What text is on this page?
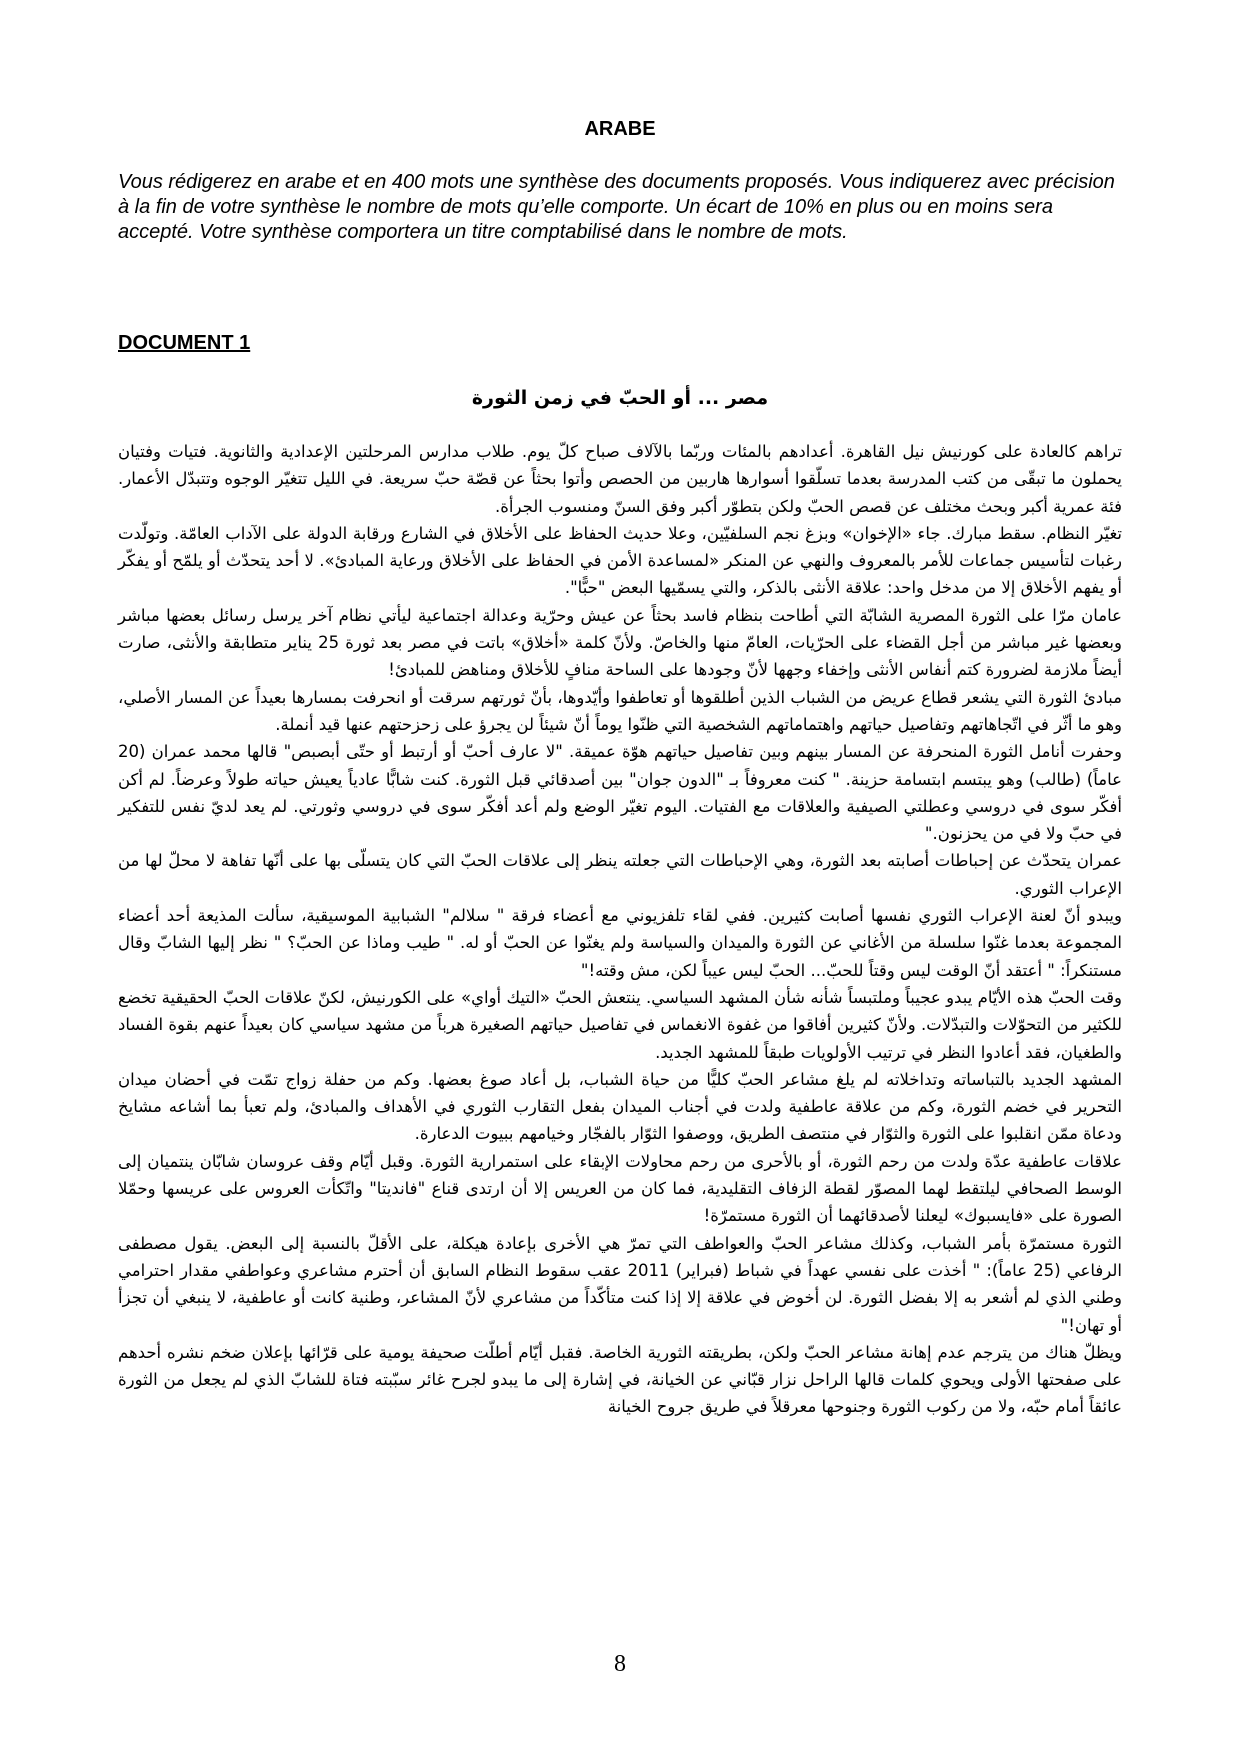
ARABE

Vous rédigerez en arabe et en 400 mots une synthèse des documents proposés. Vous indiquerez avec précision à la fin de votre synthèse le nombre de mots qu’elle comporte. Un écart de 10% en plus ou en moins sera accepté. Votre synthèse comportera un titre comptabilisé dans le nombre de mots.

DOCUMENT 1
مصر ... أو الحبّ في زمن الثورة

تراهم كالعادة على كورنيش نيل القاهرة. أعدادهم بالمئات وربّما بالآلاف صباح كلّ يوم. طلاب مدارس المرحلتين الإعدادية والثانوية. فتيات وفتيان يحملون ما تبقّى من كتب المدرسة بعدما تسلّقوا أسوارها هاربين من الحصص وأتوا بحثاً عن قصّة حبّ سريعة. في الليل تتغيّر الوجوه وتتبدّل الأعمار. فئة عمرية أكبر وبحث مختلف عن قصص الحبّ ولكن بتطوّر أكبر وفق السنّ ومنسوب الجرأة.

تغيّر النظام. سقط مبارك. جاء «الإخوان» وبزغ نجم السلفيّين، وعلا حديث الحفاظ على الأخلاق في الشارع ورقابة الدولة على الآداب العامّة. وتولّدت رغبات لتأسيس جماعات للأمر بالمعروف والنهي عن المنكر «لمساعدة الأمن في الحفاظ على الأخلاق ورعاية المبادئ». لا أحد يتحدّث أو يلمّح أو يفكّر أو يفهم الأخلاق إلا من مدخل واحد: علاقة الأنثى بالذكر، والتي يسمّيها البعض "حبًّا".

عامان مرّا على الثورة المصرية الشابّة التي أطاحت بنظام فاسد بحثاً عن عيش وحرّية وعدالة اجتماعية ليأتي نظام آخر يرسل رسائل بعضها مباشر وبعضها غير مباشر من أجل القضاء على الحرّيات، العامّ منها والخاصّ. ولأنّ كلمة «أخلاق» باتت في مصر بعد ثورة 25 يناير متطابقة والأنثى، صارت أيضاً ملازمة لضرورة كتم أنفاس الأنثى وإخفاء وجهها لأنّ وجودها على الساحة منافٍ للأخلاق ومناهض للمبادئ!

مبادئ الثورة التي يشعر قطاع عريض من الشباب الذين أطلقوها أو تعاطفوا وأيّدوها، بأنّ ثورتهم سرقت أو انحرفت بمسارها بعيداً عن المسار الأصلي، وهو ما أثّر في اتّجاهاتهم وتفاصيل حياتهم واهتماماتهم الشخصية التي ظنّوا يوماً أنّ شيئاً لن يجرؤ على زحزحتهم عنها قيد أنملة.

وحفرت أنامل الثورة المنحرفة عن المسار بينهم وبين تفاصيل حياتهم هوّة عميقة. "لا عارف أحبّ أو أرتبط أو حتّى أبصبص" قالها محمد عمران (20 عاماً) (طالب) وهو يبتسم ابتسامة حزينة. " كنت معروفاً بـ "الدون جوان" بين أصدقائي قبل الثورة. كنت شابًّا عادياً يعيش حياته طولاً وعرضاً. لم أكن أفكّر سوى في دروسي وعطلتي الصيفية والعلاقات مع الفتيات. اليوم تغيّر الوضع ولم أعد أفكّر سوى في دروسي وثورتي. لم يعد لديّ نفس للتفكير في حبّ ولا في من يحزنون."

عمران يتحدّث عن إحباطات أصابته بعد الثورة، وهي الإحباطات التي جعلته ينظر إلى علاقات الحبّ التي كان يتسلّى بها على أنّها تفاهة لا محلّ لها من الإعراب الثوري.

ويبدو أنّ لعنة الإعراب الثوري نفسها أصابت كثيرين. ففي لقاء تلفزيوني مع أعضاء فرقة " سلالم" الشبابية الموسيقية، سألت المذيعة أحد أعضاء المجموعة بعدما غنّوا سلسلة من الأغاني عن الثورة والميدان والسياسة ولم يغنّوا عن الحبّ أو له. " طيب وماذا عن الحبّ؟ " نظر إليها الشابّ وقال مستنكراً: " أعتقد أنّ الوقت ليس وقتاً للحبّ... الحبّ ليس عيباً لكن، مش وقته!"

وقت الحبّ هذه الأيّام يبدو عجيباً وملتبساً شأنه شأن المشهد السياسي. ينتعش الحبّ «التيك أواي» على الكورنيش، لكنّ علاقات الحبّ الحقيقية تخضع للكثير من التحوّلات والتبدّلات. ولأنّ كثيرين أفاقوا من غفوة الانغماس في تفاصيل حياتهم الصغيرة هرباً من مشهد سياسي كان بعيداً عنهم بقوة الفساد والطغيان، فقد أعادوا النظر في ترتيب الأولويات طبقاً للمشهد الجديد.

المشهد الجديد بالتباساته وتداخلاته لم يلغ مشاعر الحبّ كليًّا من حياة الشباب، بل أعاد صوغ بعضها. وكم من حفلة زواج تمّت في أحضان ميدان التحرير في خضم الثورة، وكم من علاقة عاطفية ولدت في أجناب الميدان بفعل التقارب الثوري في الأهداف والمبادئ، ولم تعبأ بما أشاعه مشايخ ودعاة ممّن انقلبوا على الثورة والثوّار في منتصف الطريق، ووصفوا الثوّار بالفجّار وخيامهم ببيوت الدعارة.

علاقات عاطفية عدّة ولدت من رحم الثورة، أو بالأحرى من رحم محاولات الإبقاء على استمرارية الثورة. وقبل أيّام وقف عروسان شابّان ينتميان إلى الوسط الصحافي ليلتقط لهما المصوّر لقطة الزفاف التقليدية، فما كان من العريس إلا أن ارتدى قناع "فانديتا" واتّكأت العروس على عريسها وحمّلا الصورة على «فايسبوك» ليعلنا لأصدقائهما أن الثورة مستمرّة!

الثورة مستمرّة بأمر الشباب، وكذلك مشاعر الحبّ والعواطف التي تمرّ هي الأخرى بإعادة هيكلة، على الأقلّ بالنسبة إلى البعض. يقول مصطفى الرفاعي (25 عاماً): " أخذت على نفسي عهداً في شباط (فبراير) 2011 عقب سقوط النظام السابق أن أحترم مشاعري وعواطفي مقدار احترامي وطني الذي لم أشعر به إلا بفضل الثورة. لن أخوض في علاقة إلا إذا كنت متأكّداً من مشاعري لأنّ المشاعر، وطنية كانت أو عاطفية، لا ينبغي أن تجزأ أو تهان!"

ويظلّ هناك من يترجم عدم إهانة مشاعر الحبّ ولكن، بطريقته الثورية الخاصة. فقبل أيّام أطلّت صحيفة يومية على قرّائها بإعلان ضخم نشره أحدهم على صفحتها الأولى ويحوي كلمات قالها الراحل نزار قبّاني عن الخيانة، في إشارة إلى ما يبدو لجرح غائر سبّبته فتاة للشابّ الذي لم يجعل من الثورة عائقاً أمام حبّه، ولا من ركوب الثورة وجنوحها معرقلاً في طريق جروح الخيانة

8
